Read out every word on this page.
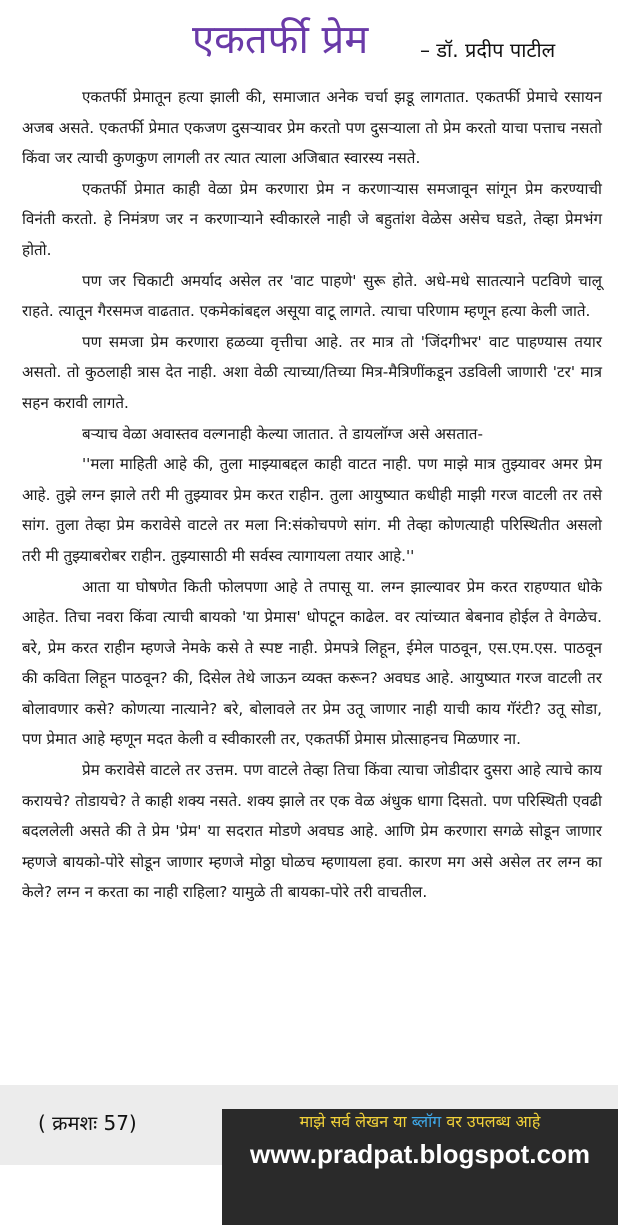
एकतर्फी प्रेम	– डॉ. प्रदीप पाटील

एकतर्फी प्रेमातून हत्या झाली की, समाजात अनेक चर्चा झडू लागतात. एकतर्फी प्रेमाचे रसायन अजब असते. एकतर्फी प्रेमात एकजण दुसऱ्यावर प्रेम करतो पण दुसऱ्याला तो प्रेम करतो याचा पत्ताच नसतो किंवा जर त्याची कुणकुण लागली तर त्यात त्याला अजिबात स्वारस्य नसते.

एकतर्फी प्रेमात काही वेळा प्रेम करणारा प्रेम न करणाऱ्यास समजावून सांगून प्रेम करण्याची विनंती करतो. हे निमंत्रण जर न करणाऱ्याने स्वीकारले नाही जे बहुतांश वेळेस असेच घडते, तेव्हा प्रेमभंग होतो.

पण जर चिकाटी अमर्याद असेल तर 'वाट पाहणे' सुरू होते. अधे-मधे सातत्याने पटविणे चालू राहते. त्यातून गैरसमज वाढतात. एकमेकांबद्दल असूया वाटू लागते. त्याचा परिणाम म्हणून हत्या केली जाते.

पण समजा प्रेम करणारा हळव्या वृत्तीचा आहे. तर मात्र तो 'जिंदगीभर' वाट पाहण्यास तयार असतो. तो कुठलाही त्रास देत नाही. अशा वेळी त्याच्या/तिच्या मित्र-मैत्रिणींकडून उडविली जाणारी 'टर' मात्र सहन करावी लागते.

बऱ्याच वेळा अवास्तव वल्गनाही केल्या जातात. ते डायलॉग्ज असे असतात-

''मला माहिती आहे की, तुला माझ्याबद्दल काही वाटत नाही. पण माझे मात्र तुझ्यावर अमर प्रेम आहे. तुझे लग्न झाले तरी मी तुझ्यावर प्रेम करत राहीन. तुला आयुष्यात कधीही माझी गरज वाटली तर तसे सांग. तुला तेव्हा प्रेम करावेसे वाटले तर मला नि:संकोचपणे सांग. मी तेव्हा कोणत्याही परिस्थितीत असलो तरी मी तुझ्याबरोबर राहीन. तुझ्यासाठी मी सर्वस्व त्यागायला तयार आहे.''

आता या घोषणेत किती फोलपणा आहे ते तपासू या. लग्न झाल्यावर प्रेम करत राहण्यात धोके आहेत. तिचा नवरा किंवा त्याची बायको 'या प्रेमास' धोपटून काढेल. वर त्यांच्यात बेबनाव होईल ते वेगळेच. बरे, प्रेम करत राहीन म्हणजे नेमके कसे ते स्पष्ट नाही. प्रेमपत्रे लिहून, ईमेल पाठवून, एस.एम.एस. पाठवून की कविता लिहून पाठवून? की, दिसेल तेथे जाऊन व्यक्त करून? अवघड आहे. आयुष्यात गरज वाटली तर बोलावणार कसे? कोणत्या नात्याने? बरे, बोलावले तर प्रेम उतू जाणार नाही याची काय गॅरंटी? उतू सोडा, पण प्रेमात आहे म्हणून मदत केली व स्वीकारली तर, एकतर्फी प्रेमास प्रोत्साहनच मिळणार ना.

प्रेम करावेसे वाटले तर उत्तम. पण वाटले तेव्हा तिचा किंवा त्याचा जोडीदार दुसरा आहे त्याचे काय करायचे? तोडायचे? ते काही शक्य नसते. शक्य झाले तर एक वेळ अंधुक धागा दिसतो. पण परिस्थिती एवढी बदललेली असते की ते प्रेम 'प्रेम' या सदरात मोडणे अवघड आहे. आणि प्रेम करणारा सगळे सोडून जाणार म्हणजे बायको-पोरे सोडून जाणार म्हणजे मोठ्ठा घोळच म्हणायला हवा. कारण मग असे असेल तर लग्न का केले? लग्न न करता का नाही राहिला? यामुळे ती बायका-पोरे तरी वाचतील.

( क्रमशः 57)	माझे सर्व लेखन या ब्लॉग वर उपलब्ध आहे
www.pradpat.blogspot.com
